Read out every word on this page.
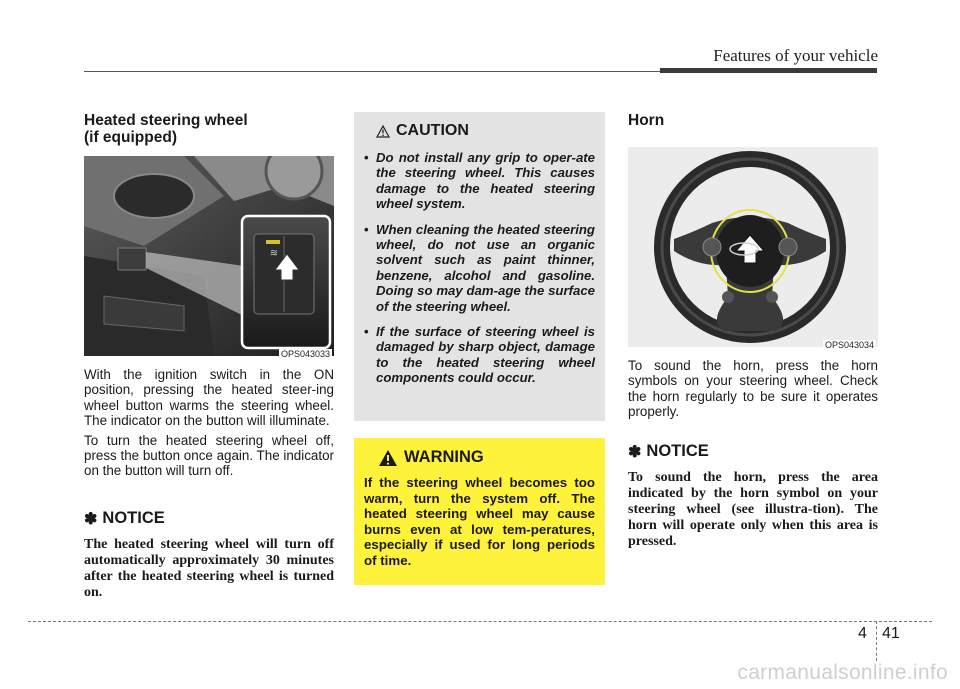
Features of your vehicle
Heated steering wheel
(if equipped)
≋
OPS043033

With the ignition switch in the ON position, pressing the heated steer-ing wheel button warms the steering wheel. The indicator on the button will illuminate.

To turn the heated steering wheel off, press the button once again. The indicator on the button will turn off.

✽ NOTICE

The heated steering wheel will turn off automatically approximately 30 minutes after the heated steering wheel is turned on.

CAUTION
• Do not install any grip to oper-ate the steering wheel. This causes damage to the heated steering wheel system.
• When cleaning the heated steering wheel, do not use an organic solvent such as paint thinner, benzene, alcohol and gasoline. Doing so may dam-age the surface of the steering wheel.
• If the surface of steering wheel is damaged by sharp object, damage to the heated steering wheel components could occur.
WARNING

If the steering wheel becomes too warm, turn the system off. The heated steering wheel may cause burns even at low tem-peratures, especially if used for long periods of time.

Horn
OPS043034

To sound the horn, press the horn symbols on your steering wheel. Check the horn regularly to be sure it operates properly.

✽ NOTICE

To sound the horn, press the area indicated by the horn symbol on your steering wheel (see illustra-tion). The horn will operate only when this area is pressed.

4 41
carmanualsonline.info
